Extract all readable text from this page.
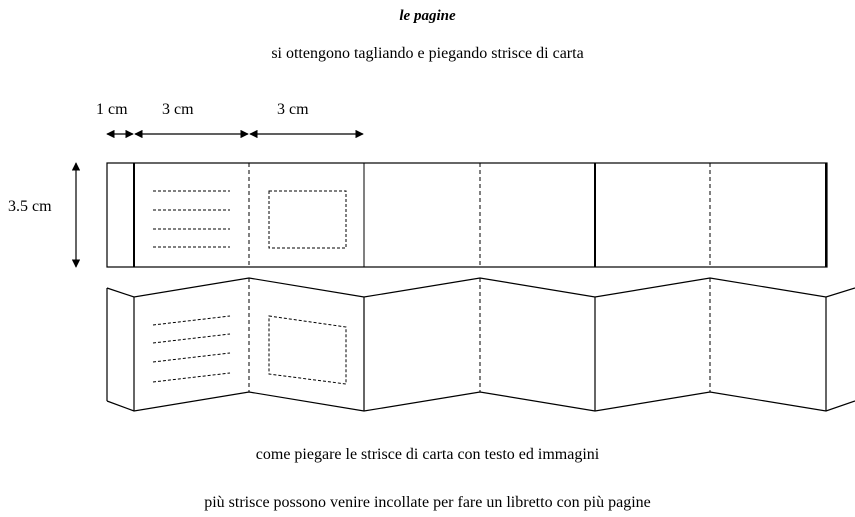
le pagine
si ottengono tagliando e piegando strisce di carta
1 cm 3 cm	3 cm
3.5 cm
come piegare le strisce di carta con testo ed immagini
più strisce possono venire incollate per fare un libretto con più pagine
